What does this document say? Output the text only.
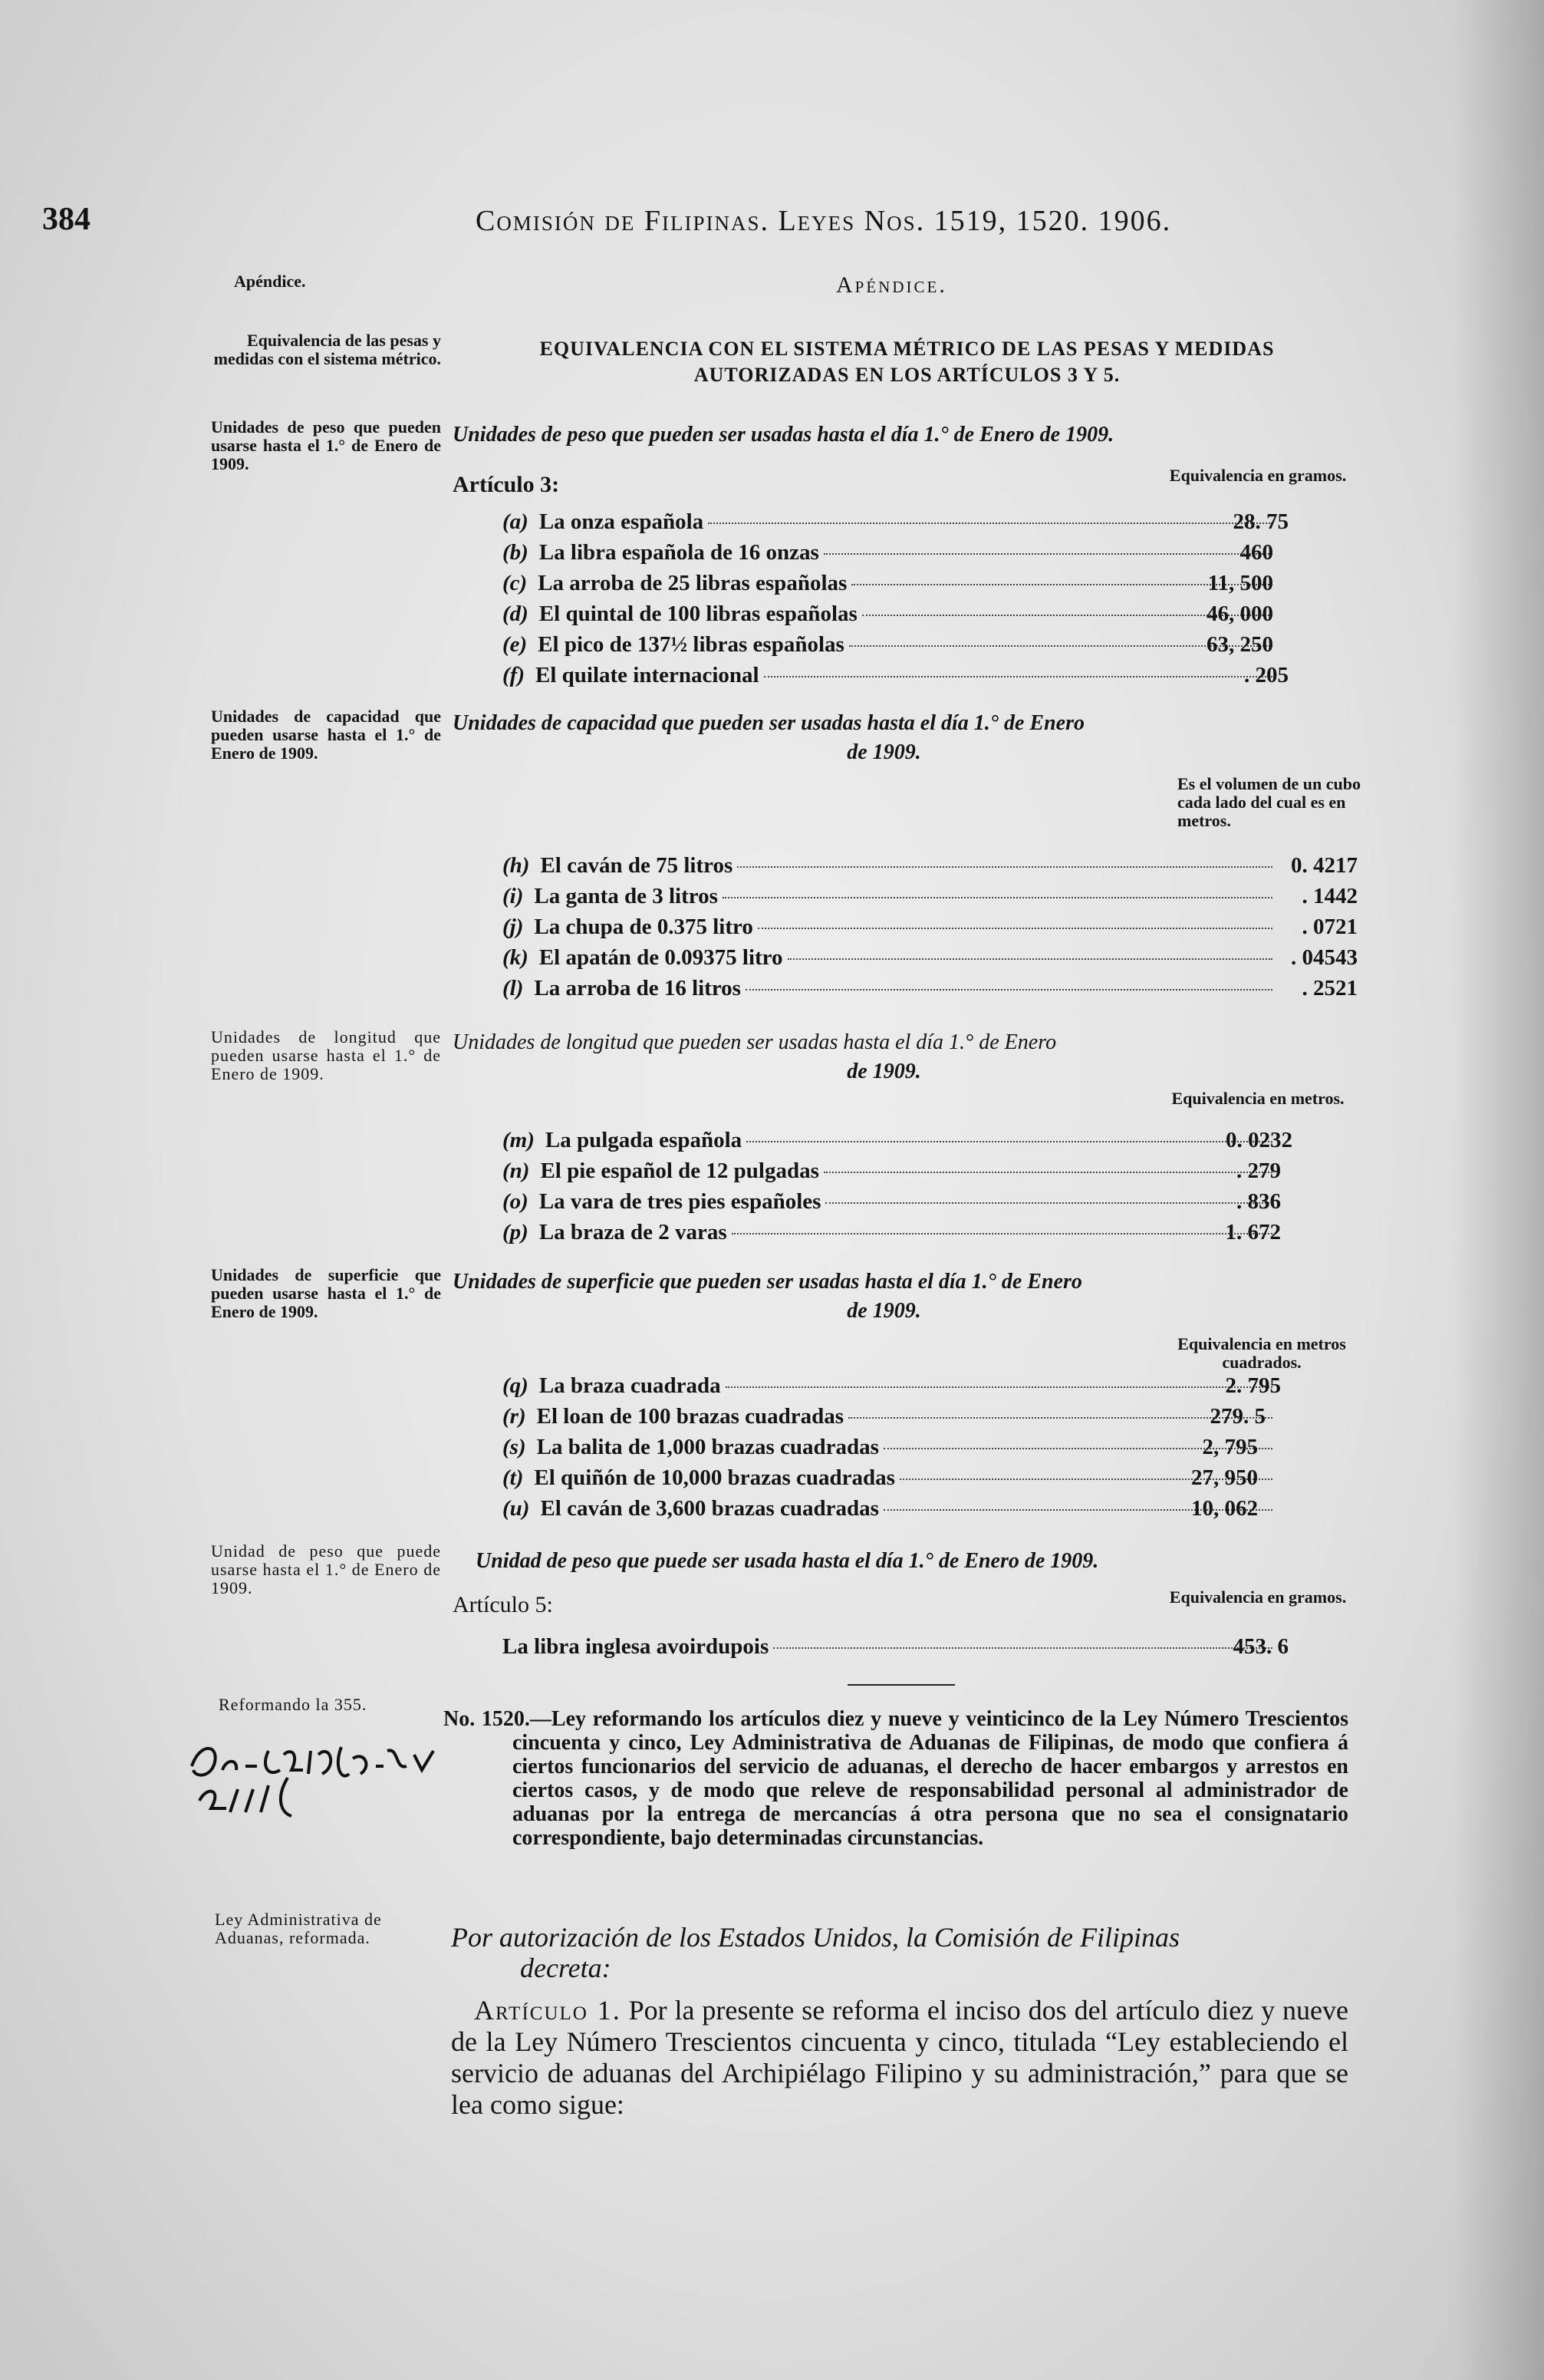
384	Comisión de Filipinas. Leyes Nos. 1519, 1520. 1906.
Apéndice.	Apéndice.
Equivalencia de las pesas y medidas con el sistema métrico.	EQUIVALENCIA CON EL SISTEMA MÉTRICO DE LAS PESAS Y MEDIDAS
AUTORIZADAS EN LOS ARTÍCULOS 3 Y 5.
Unidades de peso que pueden usarse hasta el 1.° de Enero de 1909.
Unidades de peso que pueden ser usadas hasta el día 1.° de Enero de 1909.
Artículo 3:	Equivalencia en gramos.
(a) La onza española	28. 75
(b) La libra española de 16 onzas	460
(c) La arroba de 25 libras españolas	11, 500
(d) El quintal de 100 libras españolas	46, 000
(e) El pico de 137½ libras españolas	63, 250
(f) El quilate internacional	. 205
Unidades de capacidad que pueden usarse hasta el 1.° de Enero de 1909.
Unidades de capacidad que pueden ser usadas hasta el día 1.° de Enero
de 1909.
Es el volumen de un cubo cada lado del cual es en metros.
(h) El caván de 75 litros	0. 4217
(i) La ganta de 3 litros	. 1442
(j) La chupa de 0.375 litro	. 0721
(k) El apatán de 0.09375 litro	. 04543
(l) La arroba de 16 litros	. 2521
Unidades de longitud que pueden usarse hasta el 1.° de Enero de 1909.
Unidades de longitud que pueden ser usadas hasta el día 1.° de Enero
de 1909.
Equivalencia en metros.
(m) La pulgada española	0. 0232
(n) El pie español de 12 pulgadas	. 279
(o) La vara de tres pies españoles	. 836
(p) La braza de 2 varas	1. 672
Unidades de superficie que pueden usarse hasta el 1.° de Enero de 1909.
Unidades de superficie que pueden ser usadas hasta el día 1.° de Enero
de 1909.
Equivalencia en metros cuadrados.
(q) La braza cuadrada	2. 795
(r) El loan de 100 brazas cuadradas	279. 5
(s) La balita de 1,000 brazas cuadradas	2, 795
(t) El quiñón de 10,000 brazas cuadradas	27, 950
(u) El caván de 3,600 brazas cuadradas	10, 062
Unidad de peso que puede usarse hasta el 1.° de Enero de 1909.
Unidad de peso que puede ser usada hasta el día 1.° de Enero de 1909.
Artículo 5:	Equivalencia en gramos.
La libra inglesa avoirdupois	453. 6
Reformando la 355.
No. 1520.—Ley reformando los artículos diez y nueve y veinticinco de la Ley Número Trescientos cincuenta y cinco, Ley Administrativa de Aduanas de Filipinas, de modo que confiera á ciertos funcionarios del servicio de aduanas, el derecho de hacer embargos y arrestos en ciertos casos, y de modo que releve de responsabilidad personal al administrador de aduanas por la entrega de mercancías á otra persona que no sea el consignatario correspondiente, bajo determinadas circunstancias.
Ley Administrativa de Aduanas, reformada.	Por autorización de los Estados Unidos, la Comisión de Filipinas
decreta:
Artículo 1. Por la presente se reforma el inciso dos del artículo diez y nueve de la Ley Número Trescientos cincuenta y cinco, titulada “Ley estableciendo el servicio de aduanas del Archipiélago Filipino y su administración,” para que se lea como sigue:
